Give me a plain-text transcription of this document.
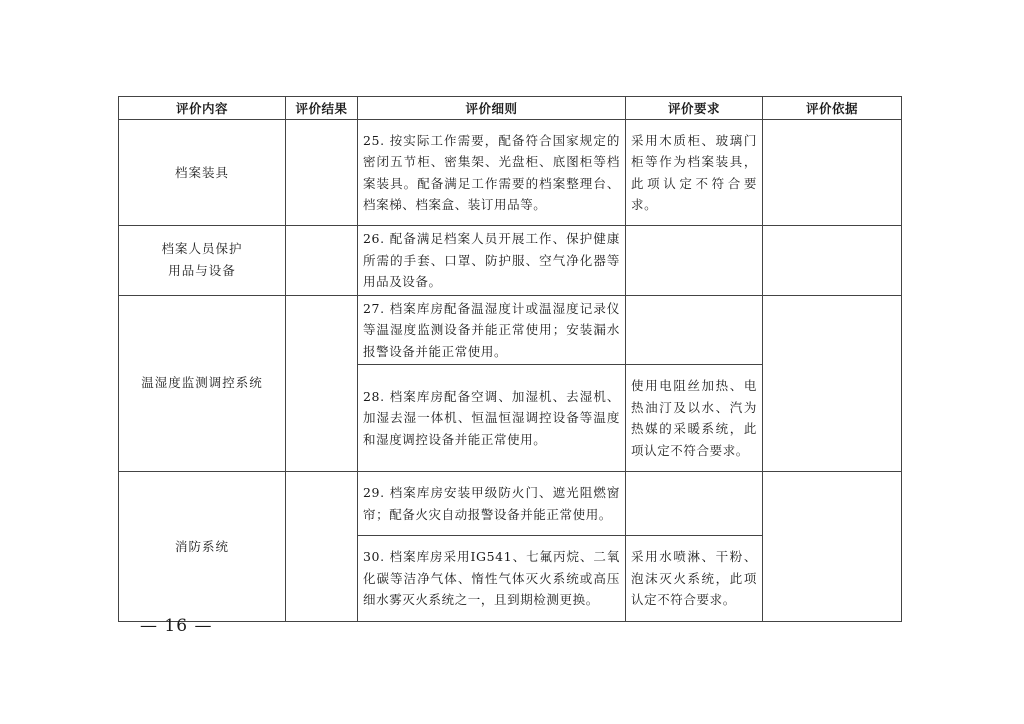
评价内容	评价结果	评价细则	评价要求	评价依据
档案装具		25. 按实际工作需要，配备符合国家规定的密闭五节柜、密集架、光盘柜、底图柜等档案装具。配备满足工作需要的档案整理台、档案梯、档案盒、装订用品等。	采用木质柜、玻璃门柜等作为档案装具，此项认定不符合要求。	

档案人员保护
用品与设备		26. 配备满足档案人员开展工作、保护健康所需的手套、口罩、防护服、空气净化器等用品及设备。		
温湿度监测调控系统		27. 档案库房配备温湿度计或温湿度记录仪等温湿度监测设备并能正常使用；安装漏水报警设备并能正常使用。		
		28. 档案库房配备空调、加湿机、去湿机、加湿去湿一体机、恒温恒湿调控设备等温度和湿度调控设备并能正常使用。	使用电阻丝加热、电热油汀及以水、汽为热媒的采暖系统，此项认定不符合要求。	
消防系统		29. 档案库房安装甲级防火门、遮光阻燃窗帘；配备火灾自动报警设备并能正常使用。		
		30. 档案库房采用IG541、七氟丙烷、二氧化碳等洁净气体、惰性气体灭火系统或高压细水雾灭火系统之一，且到期检测更换。	采用水喷淋、干粉、泡沫灭火系统，此项认定不符合要求。	
— 16 —
